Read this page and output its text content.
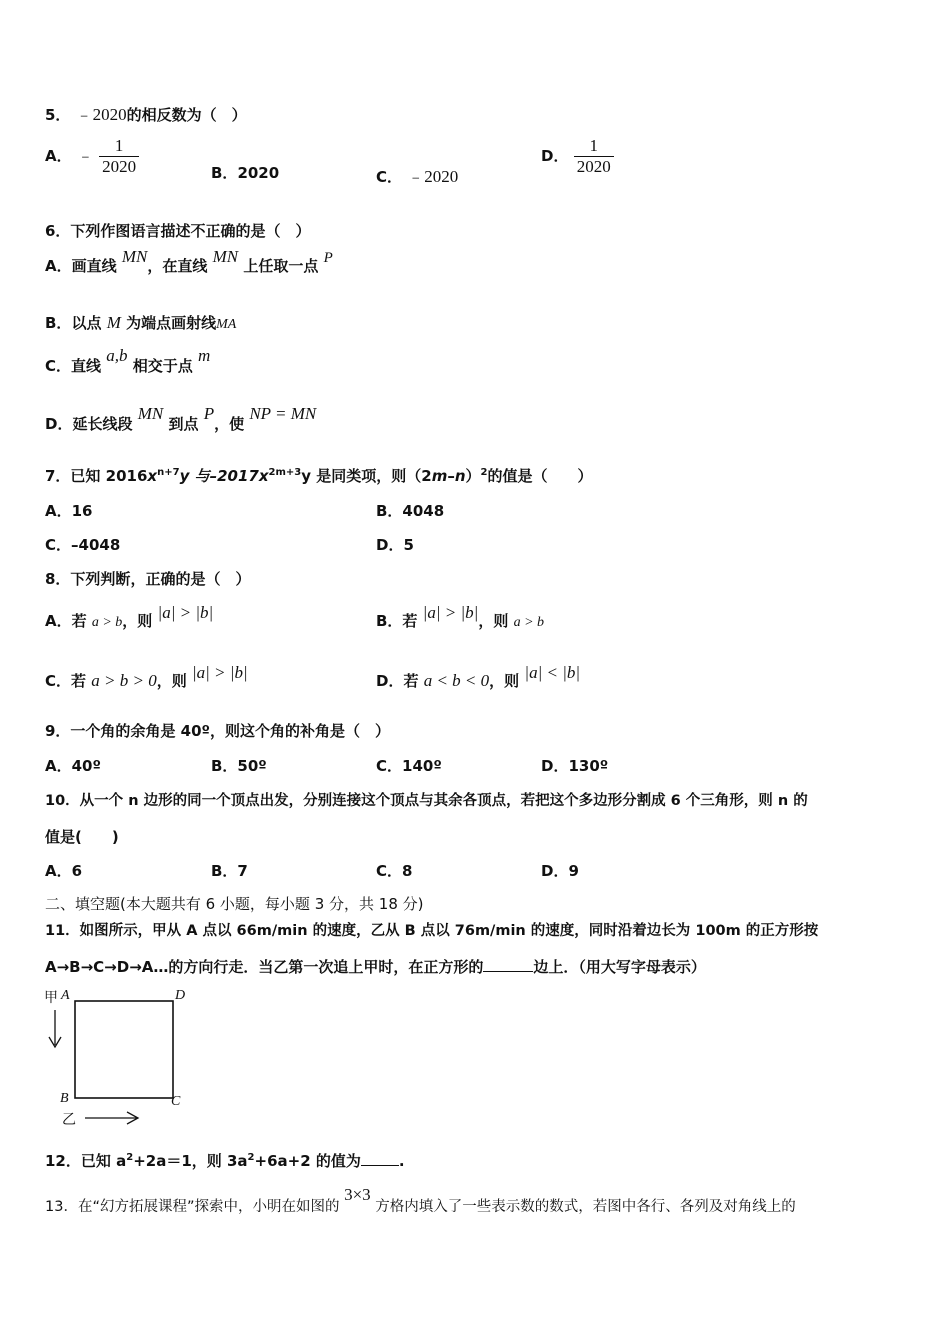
5． ﹣2020的相反数为（　）
A． ﹣ $\frac{1}{2020}$	B．2020	C． ﹣2020
D． $\frac{1}{2020}$
6．下列作图语言描述不正确的是（　）
A．画直线 MN，在直线 MN 上任取一点 P
B．以点 M 为端点画射线MA
C．直线 a,b 相交于点 m
D．延长线段 MN 到点 P，使 NP = MN
7．已知 $2016x^{n+7}y$ 与$-2017x^{2m+3}y$ 是同类项，则$(2m-n)^2$的值是（　　）
A．16	B．4048
C．–4048	D．5
8．下列判断，正确的是（　）
A．若 a > b，则 |a| > |b|	B．若 |a| > |b|，则 a > b
C．若 a > b > 0，则 |a| > |b|	D．若 a < b < 0，则 |a| < |b|
9．一个角的余角是 40º，则这个角的补角是（　）
A．40º	B．50º	C．140º	D．130º
10．从一个 n 边形的同一个顶点出发，分别连接这个顶点与其余各顶点，若把这个多边形分割成 6 个三角形，则 n 的
值是(　　)
A．6	B．7	C．8	D．9
二、填空题(本大题共有 6 小题，每小题 3 分，共 18 分)
11．如图所示，甲从 A 点以 66m/min 的速度，乙从 B 点以 76m/min 的速度，同时沿着边长为 100m 的正方形按
A→B→C→D→A…的方向行走．当乙第一次追上甲时，在正方形的	边上．（用大写字母表示）
甲 A	D
B	C
乙
12．已知 $a^2+2a=1$，则 $3a^2+6a+2$ 的值为	.
13．在“幻方拓展课程”探索中，小明在如图的 3×3 方格内填入了一些表示数的数式，若图中各行、各列及对角线上的
